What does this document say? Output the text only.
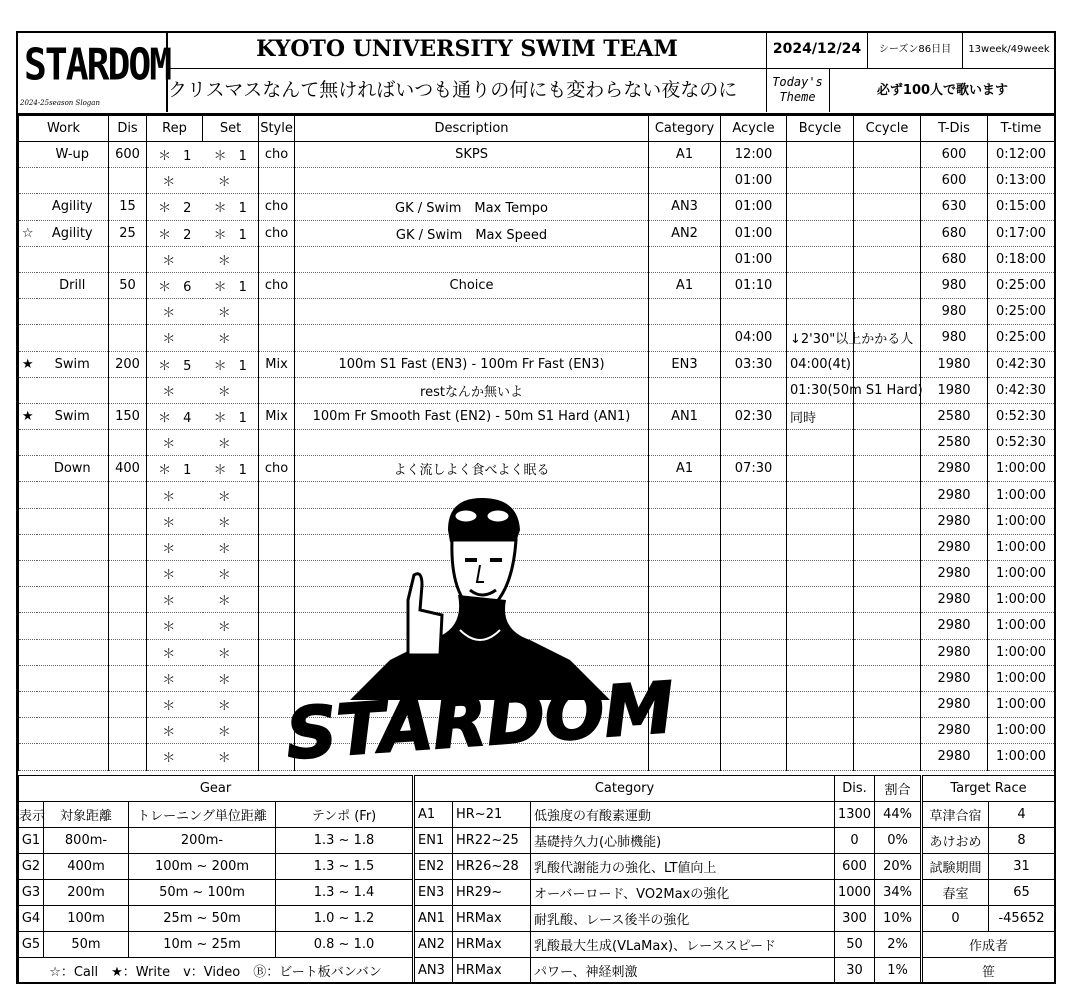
STARDOM
2024-25season Slogan
KYOTO UNIVERSITY SWIM TEAM	2024/12/24	シーズン86日目	13week/49week
クリスマスなんて無ければいつも通りの何にも変わらない夜なのに	Today's
Theme	必ず100人で歌います
Work		Dis	Rep	Set	Style	Description	Category	Acycle	Bcycle	Ccycle	T-Dis	T-time
	W-up	600	＊ 1	＊ 1	cho	SKPS	A1	12:00			600	0:12:00
			＊	＊				01:00			600	0:13:00
	Agility	15	＊ 2	＊ 1	cho	GK / Swim　Max Tempo	AN3	01:00			630	0:15:00
☆	Agility	25	＊ 2	＊ 1	cho	GK / Swim　Max Speed	AN2	01:00			680	0:17:00
			＊	＊				01:00			680	0:18:00
	Drill	50	＊ 6	＊ 1	cho	Choice	A1	01:10			980	0:25:00
			＊	＊							980	0:25:00
			＊	＊				04:00	↓2'30"以上かかる人		980	0:25:00
★	Swim	200	＊ 5	＊ 1	Mix	100m S1 Fast (EN3) - 100m Fr Fast (EN3)	EN3	03:30	04:00(4t)		1980	0:42:30
			＊	＊		restなんか無いよ			01:30(50m S1 Hard)		1980	0:42:30
★	Swim	150	＊ 4	＊ 1	Mix	100m Fr Smooth Fast (EN2) - 50m S1 Hard (AN1)	AN1	02:30	同時		2580	0:52:30
			＊	＊							2580	0:52:30
	Down	400	＊ 1	＊ 1	cho	よく流しよく食べよく眠る	A1	07:30			2980	1:00:00
			＊	＊							2980	1:00:00
			＊	＊							2980	1:00:00
			＊	＊							2980	1:00:00
			＊	＊							2980	1:00:00
			＊	＊							2980	1:00:00
			＊	＊							2980	1:00:00
			＊	＊							2980	1:00:00
			＊	＊							2980	1:00:00
			＊	＊							2980	1:00:00
			＊	＊							2980	1:00:00
			＊	＊							2980	1:00:00
STARDOM
Gear			
表示	対象距離	トレーニング単位距離	テンポ (Fr)
G1	800m-	200m-	1.3 ~ 1.8
G2	400m	100m ~ 200m	1.3 ~ 1.5
G3	200m	50m ~ 100m	1.3 ~ 1.4
G4	100m	25m ~ 50m	1.0 ~ 1.2
G5	50m	10m ~ 25m	0.8 ~ 1.0
☆：Call　★：Write　v：Video　Ⓑ：ビート板バンバン			
Category			Dis.	割合
A1	HR~21	低強度の有酸素運動	1300	44%
EN1	HR22~25	基礎持久力(心肺機能)	0	0%
EN2	HR26~28	乳酸代謝能力の強化、LT値向上	600	20%
EN3	HR29~	オーバーロード、VO2Maxの強化	1000	34%
AN1	HRMax	耐乳酸、レース後半の強化	300	10%
AN2	HRMax	乳酸最大生成(VLaMax)、レーススピード	50	2%
AN3	HRMax	パワー、神経刺激	30	1%
Target Race	
草津合宿	4
あけおめ	8
試験期間	31
春室	65
0	-45652
作成者	
笹	
